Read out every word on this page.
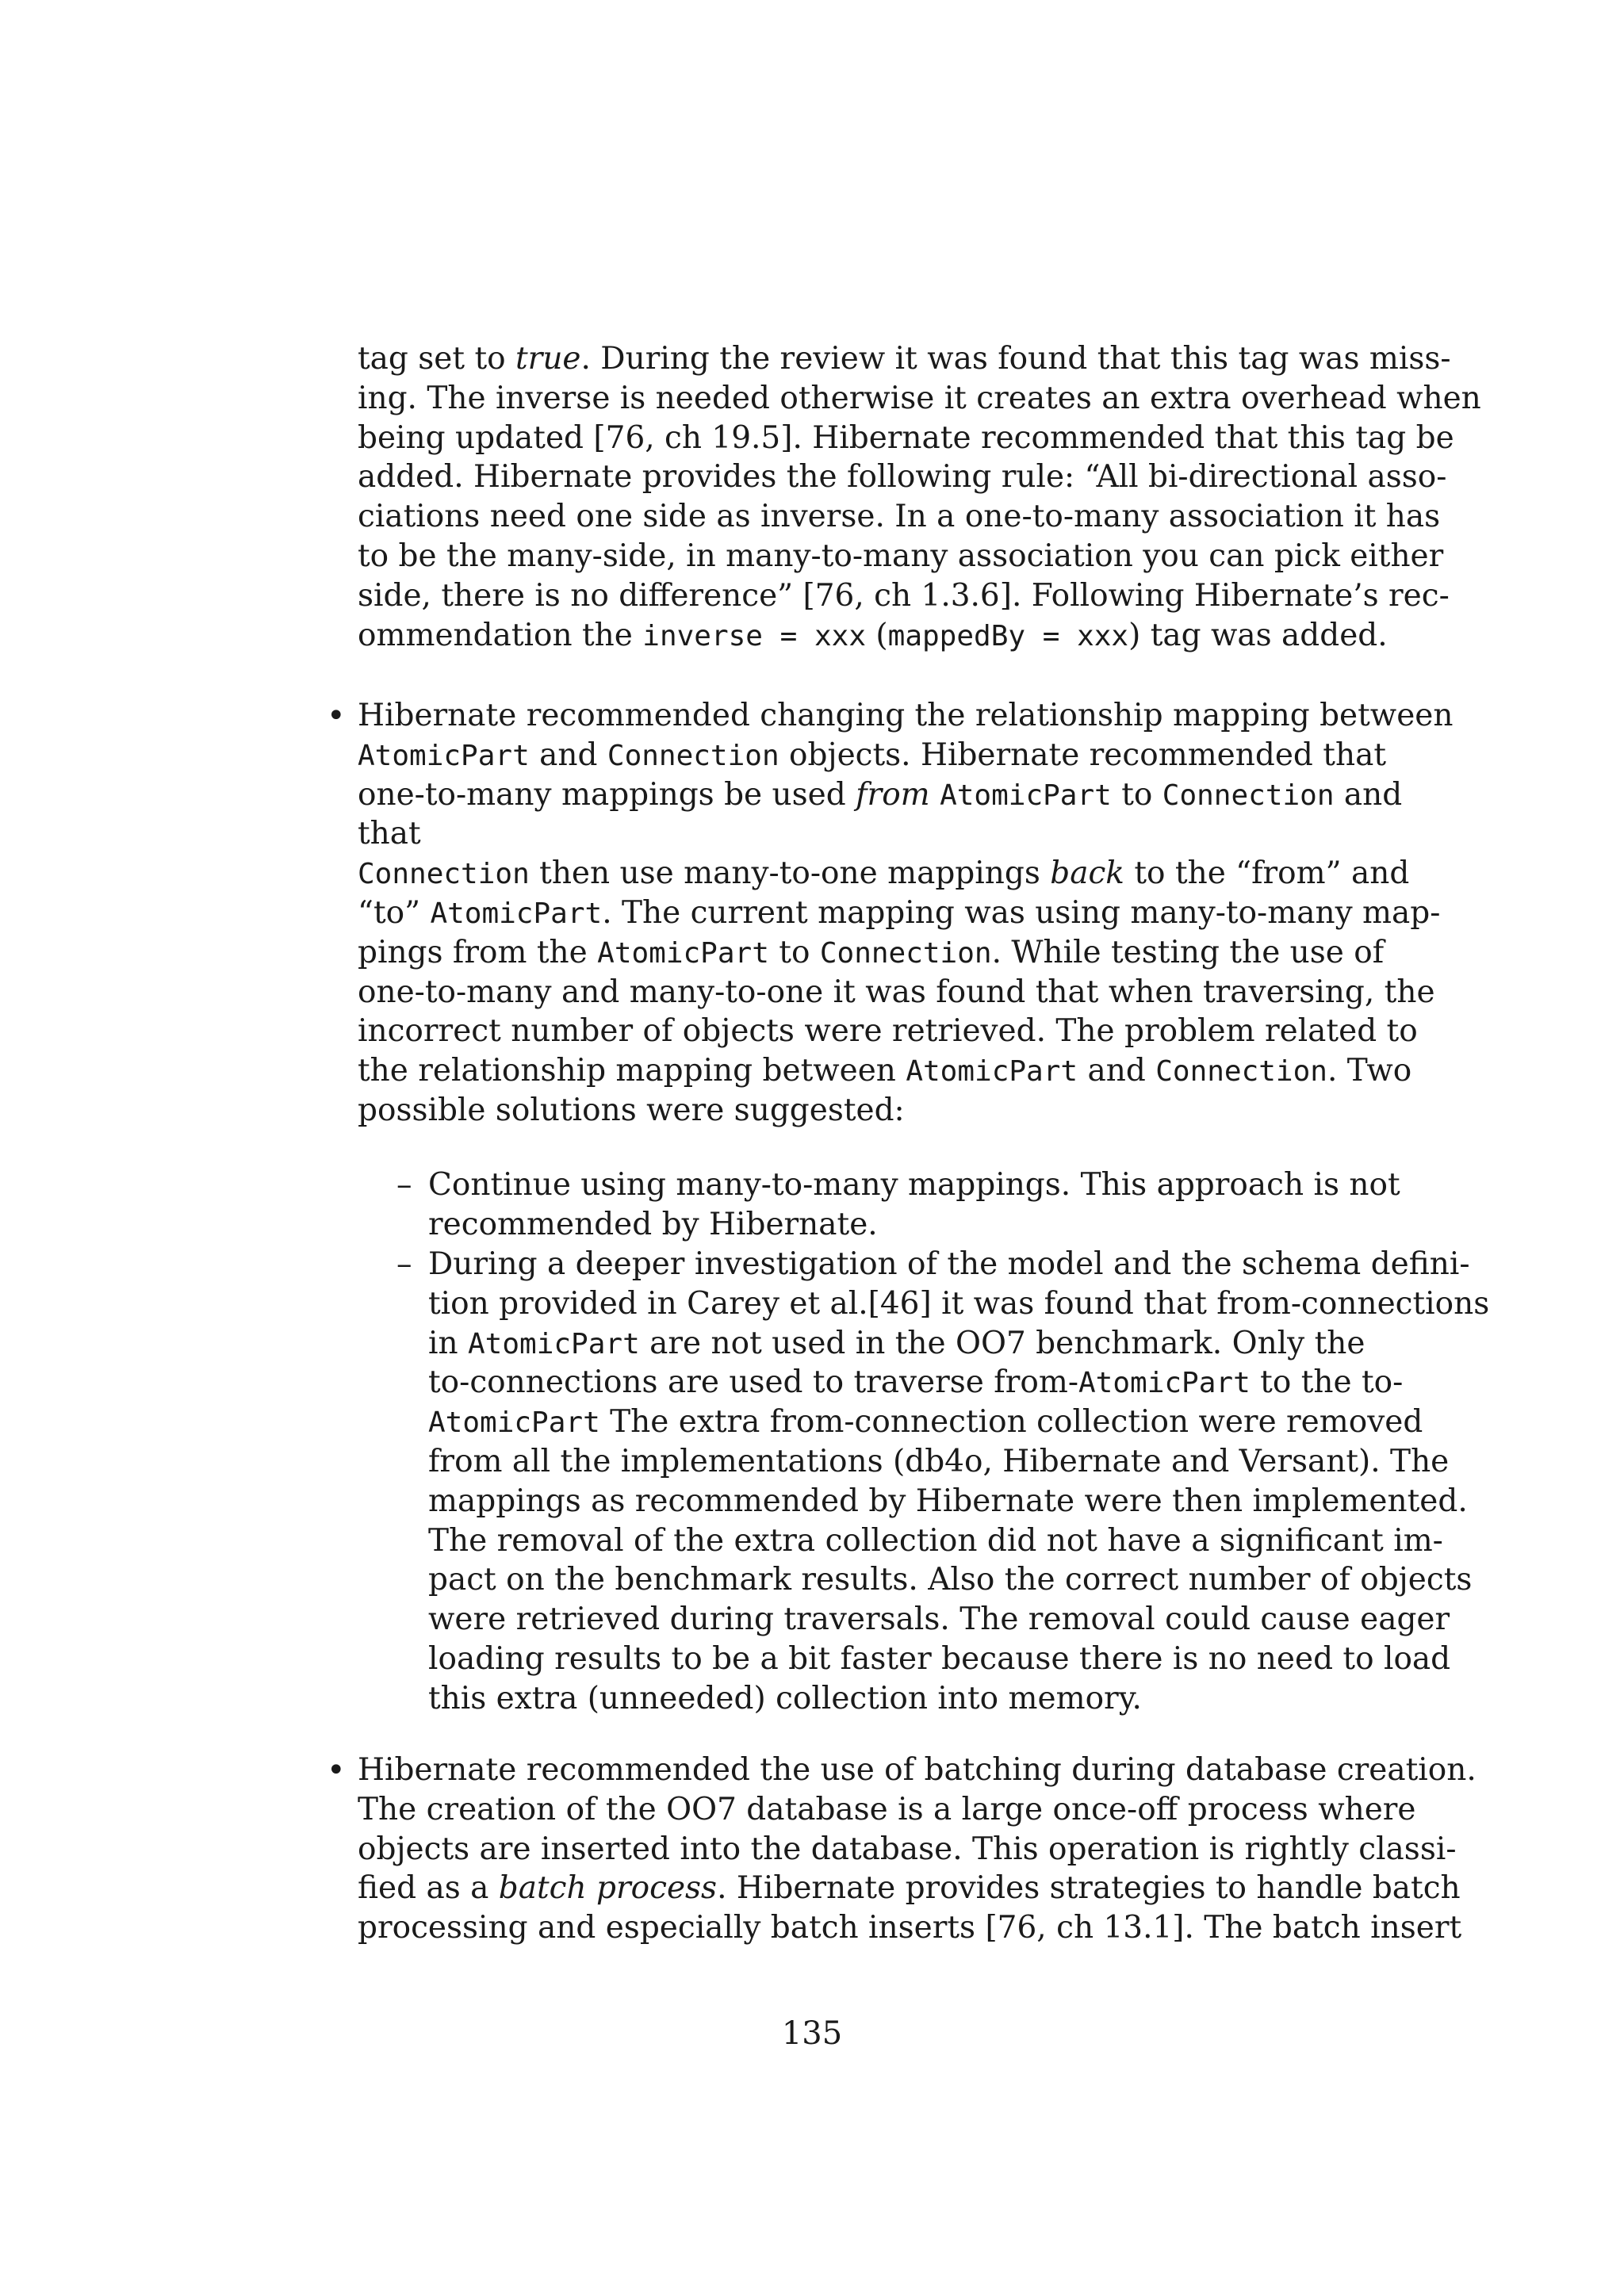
tag set to true. During the review it was found that this tag was miss-
ing. The inverse is needed otherwise it creates an extra overhead when
being updated [76, ch 19.5]. Hibernate recommended that this tag be
added. Hibernate provides the following rule: “All bi-directional asso-
ciations need one side as inverse. In a one-to-many association it has
to be the many-side, in many-to-many association you can pick either
side, there is no difference” [76, ch 1.3.6]. Following Hibernate’s rec-
ommendation the inverse = xxx (mappedBy = xxx) tag was added.
• Hibernate recommended changing the relationship mapping between
AtomicPart and Connection objects. Hibernate recommended that
one-to-many mappings be used from AtomicPart to Connection and
that
Connection then use many-to-one mappings back to the “from” and
“to” AtomicPart. The current mapping was using many-to-many map-
pings from the AtomicPart to Connection. While testing the use of
one-to-many and many-to-one it was found that when traversing, the
incorrect number of objects were retrieved. The problem related to
the relationship mapping between AtomicPart and Connection. Two
possible solutions were suggested:
– Continue using many-to-many mappings. This approach is not
recommended by Hibernate.
– During a deeper investigation of the model and the schema defini-
tion provided in Carey et al.[46] it was found that from-connections
in AtomicPart are not used in the OO7 benchmark. Only the
to-connections are used to traverse from-AtomicPart to the to-
AtomicPart The extra from-connection collection were removed
from all the implementations (db4o, Hibernate and Versant). The
mappings as recommended by Hibernate were then implemented.
The removal of the extra collection did not have a significant im-
pact on the benchmark results. Also the correct number of objects
were retrieved during traversals. The removal could cause eager
loading results to be a bit faster because there is no need to load
this extra (unneeded) collection into memory.
• Hibernate recommended the use of batching during database creation.
The creation of the OO7 database is a large once-off process where
objects are inserted into the database. This operation is rightly classi-
fied as a batch process. Hibernate provides strategies to handle batch
processing and especially batch inserts [76, ch 13.1]. The batch insert
135
